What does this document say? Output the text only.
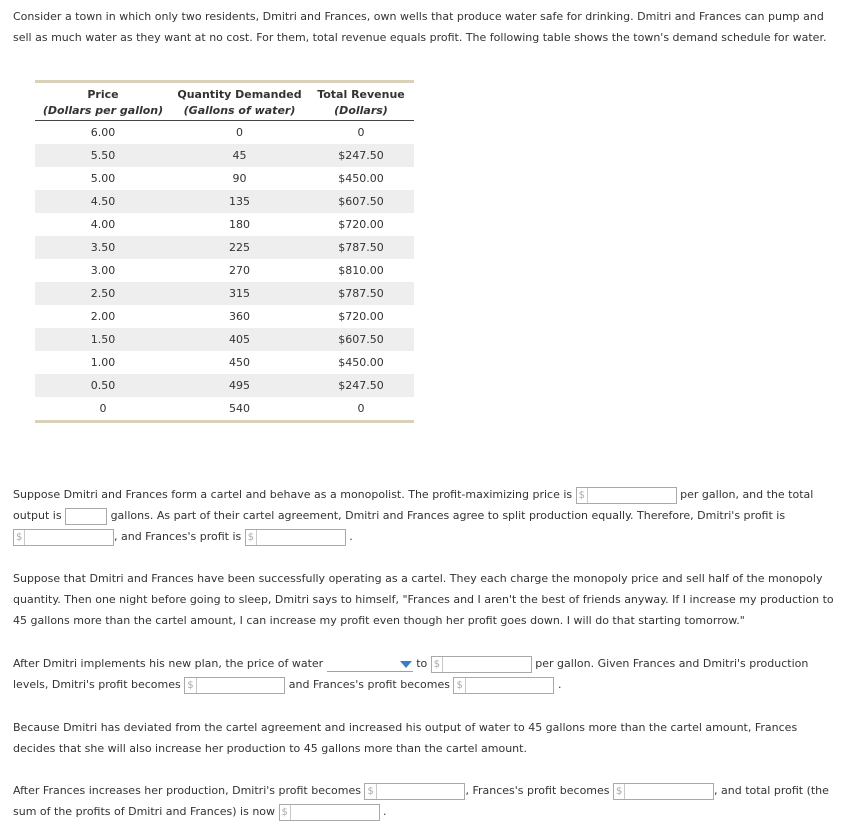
Consider a town in which only two residents, Dmitri and Frances, own wells that produce water safe for drinking. Dmitri and Frances can pump and sell as much water as they want at no cost. For them, total revenue equals profit. The following table shows the town's demand schedule for water.

Price	Quantity Demanded	Total Revenue
(Dollars per gallon)	(Gallons of water)	(Dollars)
6.00	0	0
5.50	45	$247.50
5.00	90	$450.00
4.50	135	$607.50
4.00	180	$720.00
3.50	225	$787.50
3.00	270	$810.00
2.50	315	$787.50
2.00	360	$720.00
1.50	405	$607.50
1.00	450	$450.00
0.50	495	$247.50
0	540	0

Suppose Dmitri and Frances form a cartel and behave as a monopolist. The profit-maximizing price is $	per gallon, and the total
output is	gallons. As part of their cartel agreement, Dmitri and Frances agree to split production equally. Therefore, Dmitri's profit is
$	, and Frances's profit is $	.

Suppose that Dmitri and Frances have been successfully operating as a cartel. They each charge the monopoly price and sell half of the monopoly quantity. Then one night before going to sleep, Dmitri says to himself, "Frances and I aren't the best of friends anyway. If I increase my production to 45 gallons more than the cartel amount, I can increase my profit even though her profit goes down. I will do that starting tomorrow."

After Dmitri implements his new plan, the price of water	to $	per gallon. Given Frances and Dmitri's production
levels, Dmitri's profit becomes $	and Frances's profit becomes $	.

Because Dmitri has deviated from the cartel agreement and increased his output of water to 45 gallons more than the cartel amount, Frances decides that she will also increase her production to 45 gallons more than the cartel amount.

After Frances increases her production, Dmitri's profit becomes $	, Frances's profit becomes $	, and total profit (the
sum of the profits of Dmitri and Frances) is now $	.
